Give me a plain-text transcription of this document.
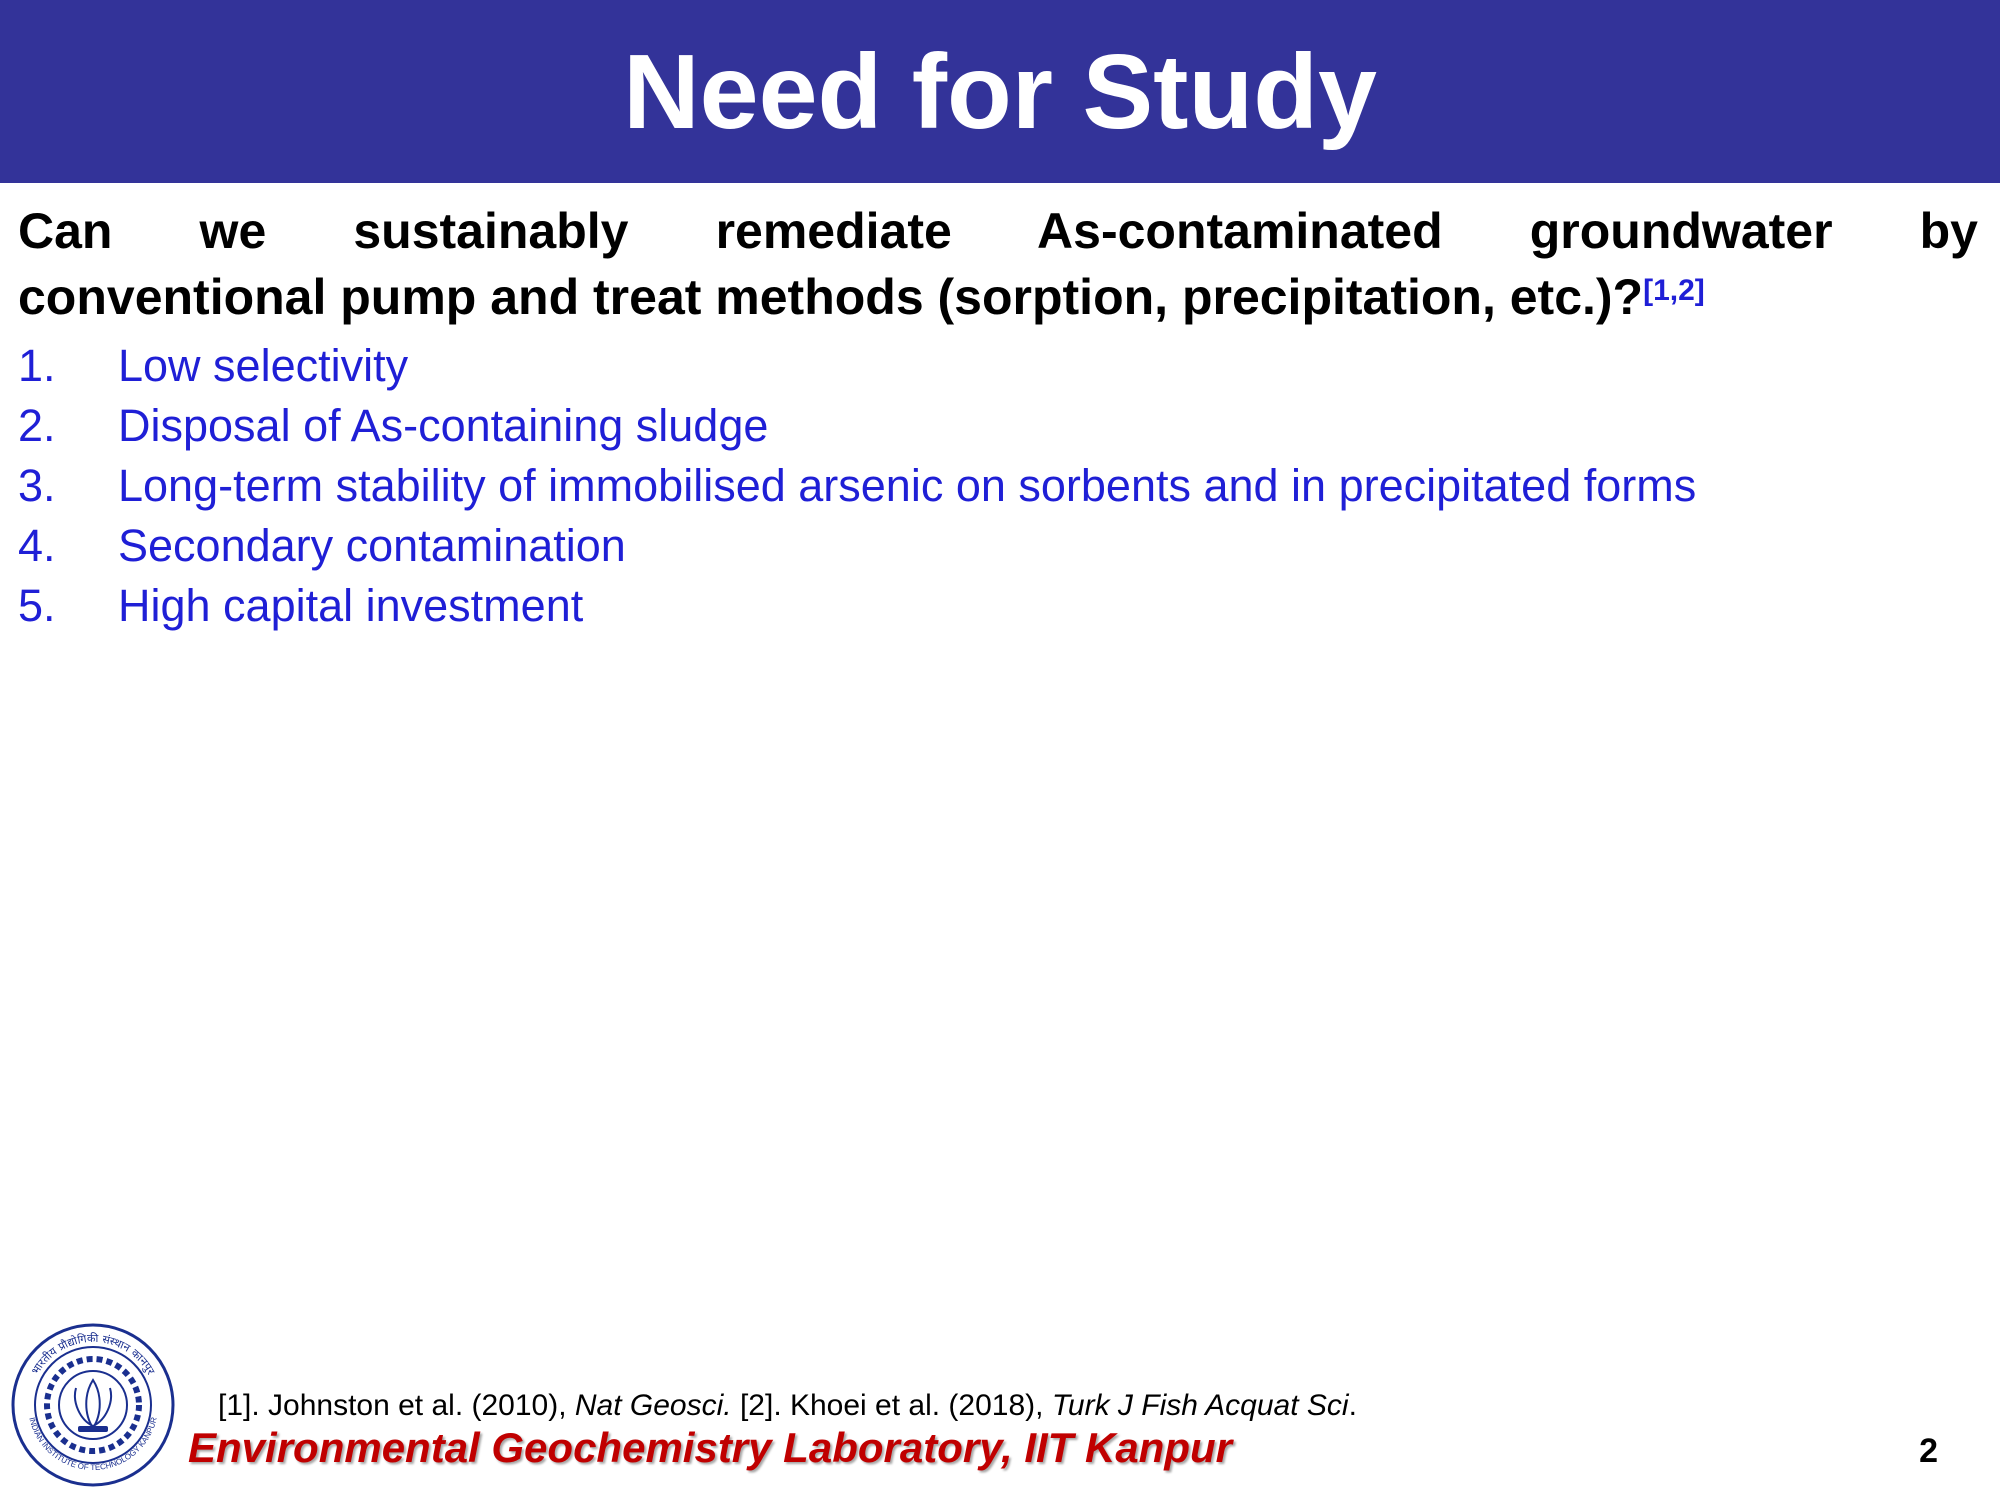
Need for Study
Can we sustainably remediate As-contaminated groundwater by
conventional pump and treat methods (sorption, precipitation, etc.)?[1,2]
1.	Low selectivity
2.	Disposal of As-containing sludge
3.	Long-term stability of immobilised arsenic on sorbents and in precipitated forms
4.	Secondary contamination
5.	High capital investment
भारतीय प्रौद्योगिकी संस्थान कानपुर
INDIAN INSTITUTE OF TECHNOLOGY KANPUR [1]. Johnston et al. (2010), Nat Geosci. [2]. Khoei et al. (2018), Turk J Fish Acquat Sci.
Environmental Geochemistry Laboratory, IIT Kanpur	2
